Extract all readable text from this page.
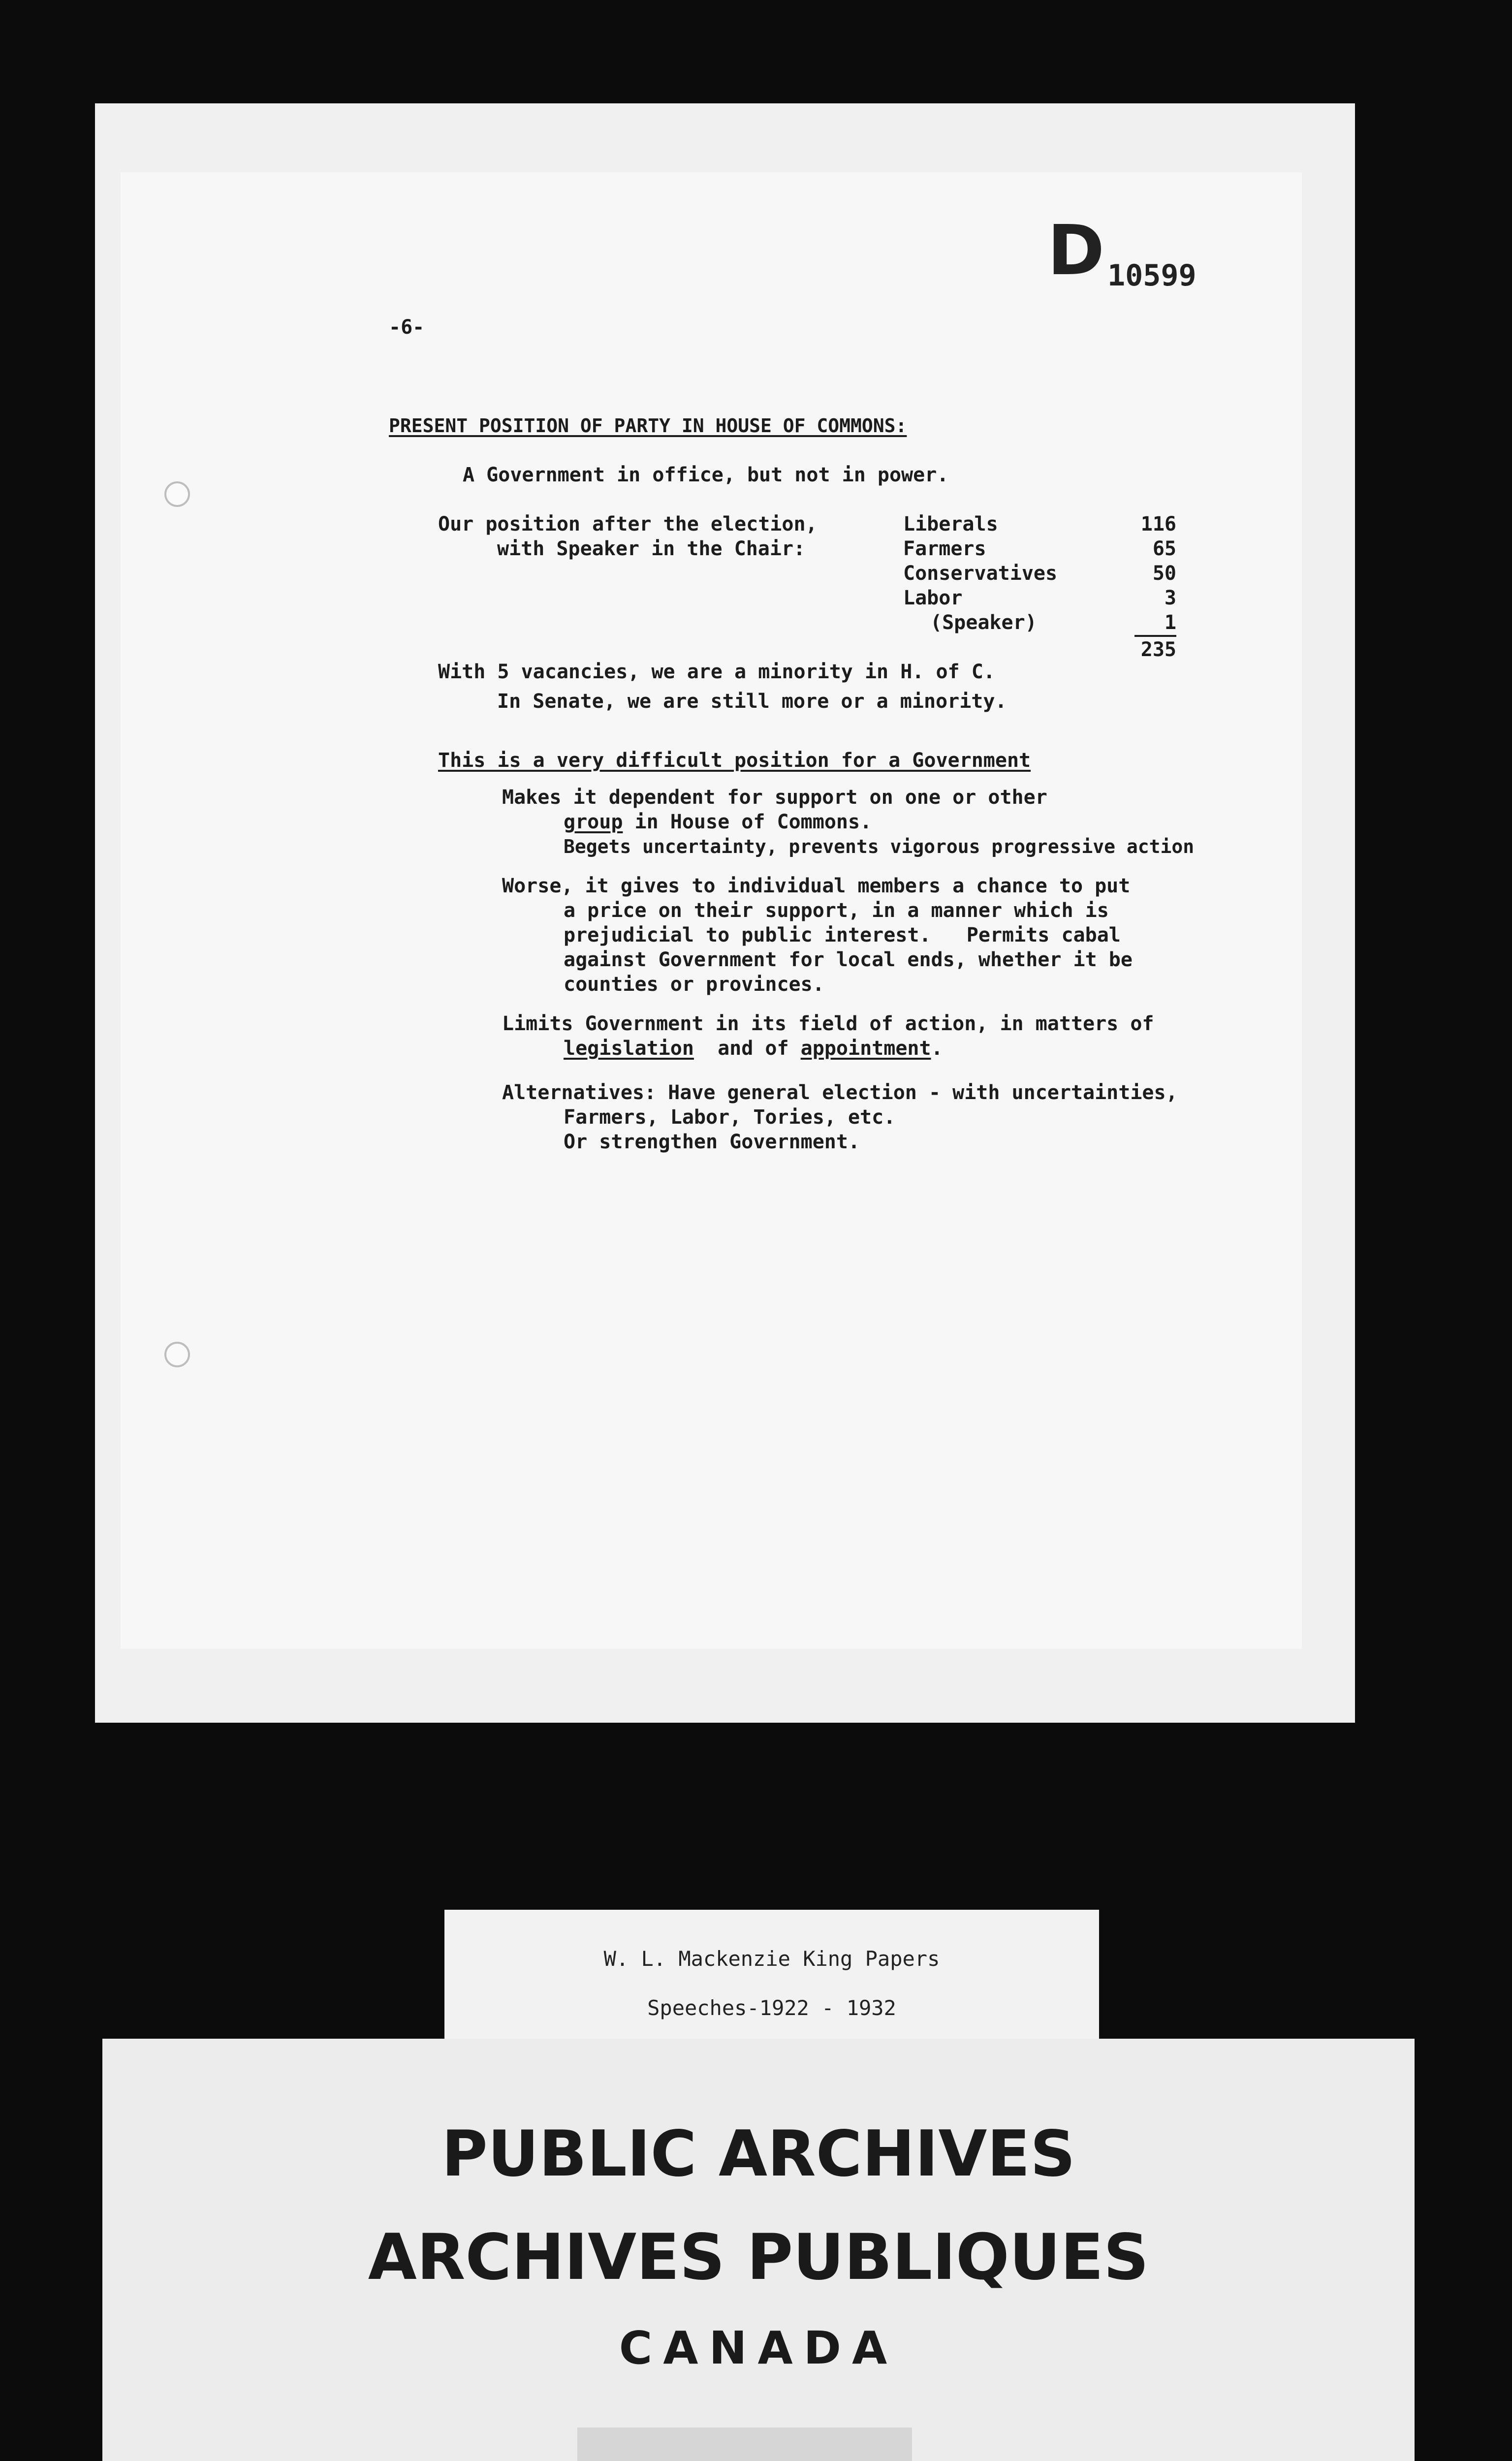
D 10599
-6-
PRESENT POSITION OF PARTY IN HOUSE OF COMMONS:
A Government in office, but not in power.
Our position after the election,
with Speaker in the Chair:
Liberals
Farmers
Conservatives
Labor
(Speaker)
116
65
50
3
1
235
With 5 vacancies, we are a minority in H. of C.
In Senate, we are still more or a minority.
This is a very difficult position for a Government
Makes it dependent for support on one or other
group in House of Commons.
Begets uncertainty, prevents vigorous progressive action
Worse, it gives to individual members a chance to put
a price on their support, in a manner which is
prejudicial to public interest.   Permits cabal
against Government for local ends, whether it be
counties or provinces.
Limits Government in its field of action, in matters of
legislation  and of appointment.
Alternatives: Have general election - with uncertainties,
Farmers, Labor, Tories, etc.
Or strengthen Government.
W. L. Mackenzie King Papers
Speeches-1922 - 1932
PUBLIC ARCHIVES
ARCHIVES PUBLIQUES
CANADA
